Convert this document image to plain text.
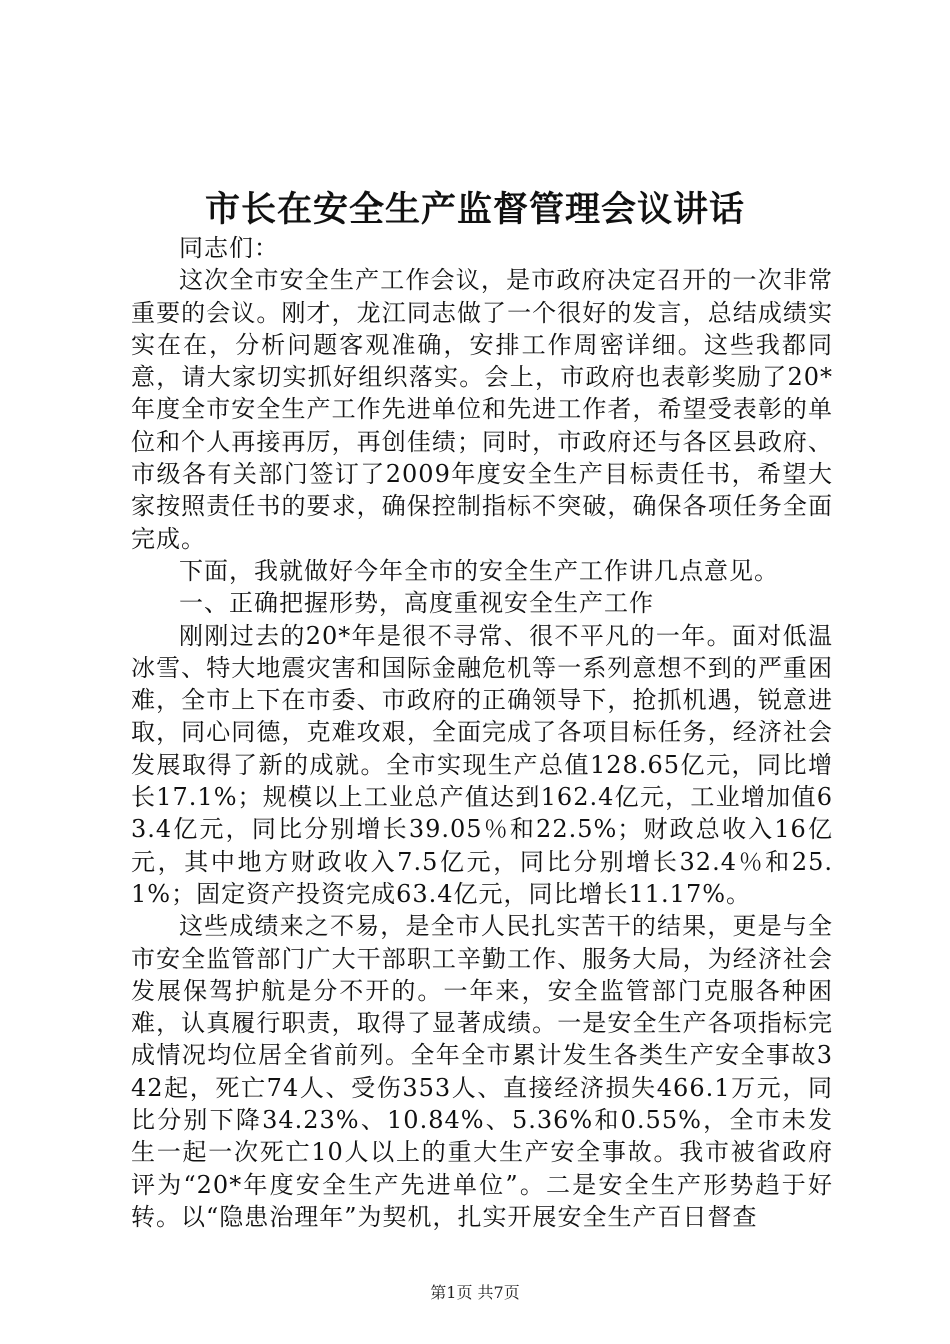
市长在安全生产监督管理会议讲话

同志们：

这次全市安全生产工作会议，是市政府决定召开的一次非常重要的会议。刚才，龙江同志做了一个很好的发言，总结成绩实实在在，分析问题客观准确，安排工作周密详细。这些我都同意，请大家切实抓好组织落实。会上，市政府也表彰奖励了20*年度全市安全生产工作先进单位和先进工作者，希望受表彰的单位和个人再接再厉，再创佳绩；同时，市政府还与各区县政府、市级各有关部门签订了2009年度安全生产目标责任书，希望大家按照责任书的要求，确保控制指标不突破，确保各项任务全面完成。

下面，我就做好今年全市的安全生产工作讲几点意见。

一、正确把握形势，高度重视安全生产工作

刚刚过去的20*年是很不寻常、很不平凡的一年。面对低温冰雪、特大地震灾害和国际金融危机等一系列意想不到的严重困难，全市上下在市委、市政府的正确领导下，抢抓机遇，锐意进取，同心同德，克难攻艰，全面完成了各项目标任务，经济社会发展取得了新的成就。全市实现生产总值128.65亿元，同比增长17.1%；规模以上工业总产值达到162.4亿元，工业增加值63.4亿元，同比分别增长39.05％和22.5%；财政总收入16亿元，其中地方财政收入7.5亿元，同比分别增长32.4％和25.1%；固定资产投资完成63.4亿元，同比增长11.17%。

这些成绩来之不易，是全市人民扎实苦干的结果，更是与全市安全监管部门广大干部职工辛勤工作、服务大局，为经济社会发展保驾护航是分不开的。一年来，安全监管部门克服各种困难，认真履行职责，取得了显著成绩。一是安全生产各项指标完成情况均位居全省前列。全年全市累计发生各类生产安全事故342起，死亡74人、受伤353人、直接经济损失466.1万元，同比分别下降34.23%、10.84%、5.36%和0.55%，全市未发生一起一次死亡10人以上的重大生产安全事故。我市被省政府评为“20*年度安全生产先进单位”。二是安全生产形势趋于好转。以“隐患治理年”为契机，扎实开展安全生产百日督查

第1页 共7页
